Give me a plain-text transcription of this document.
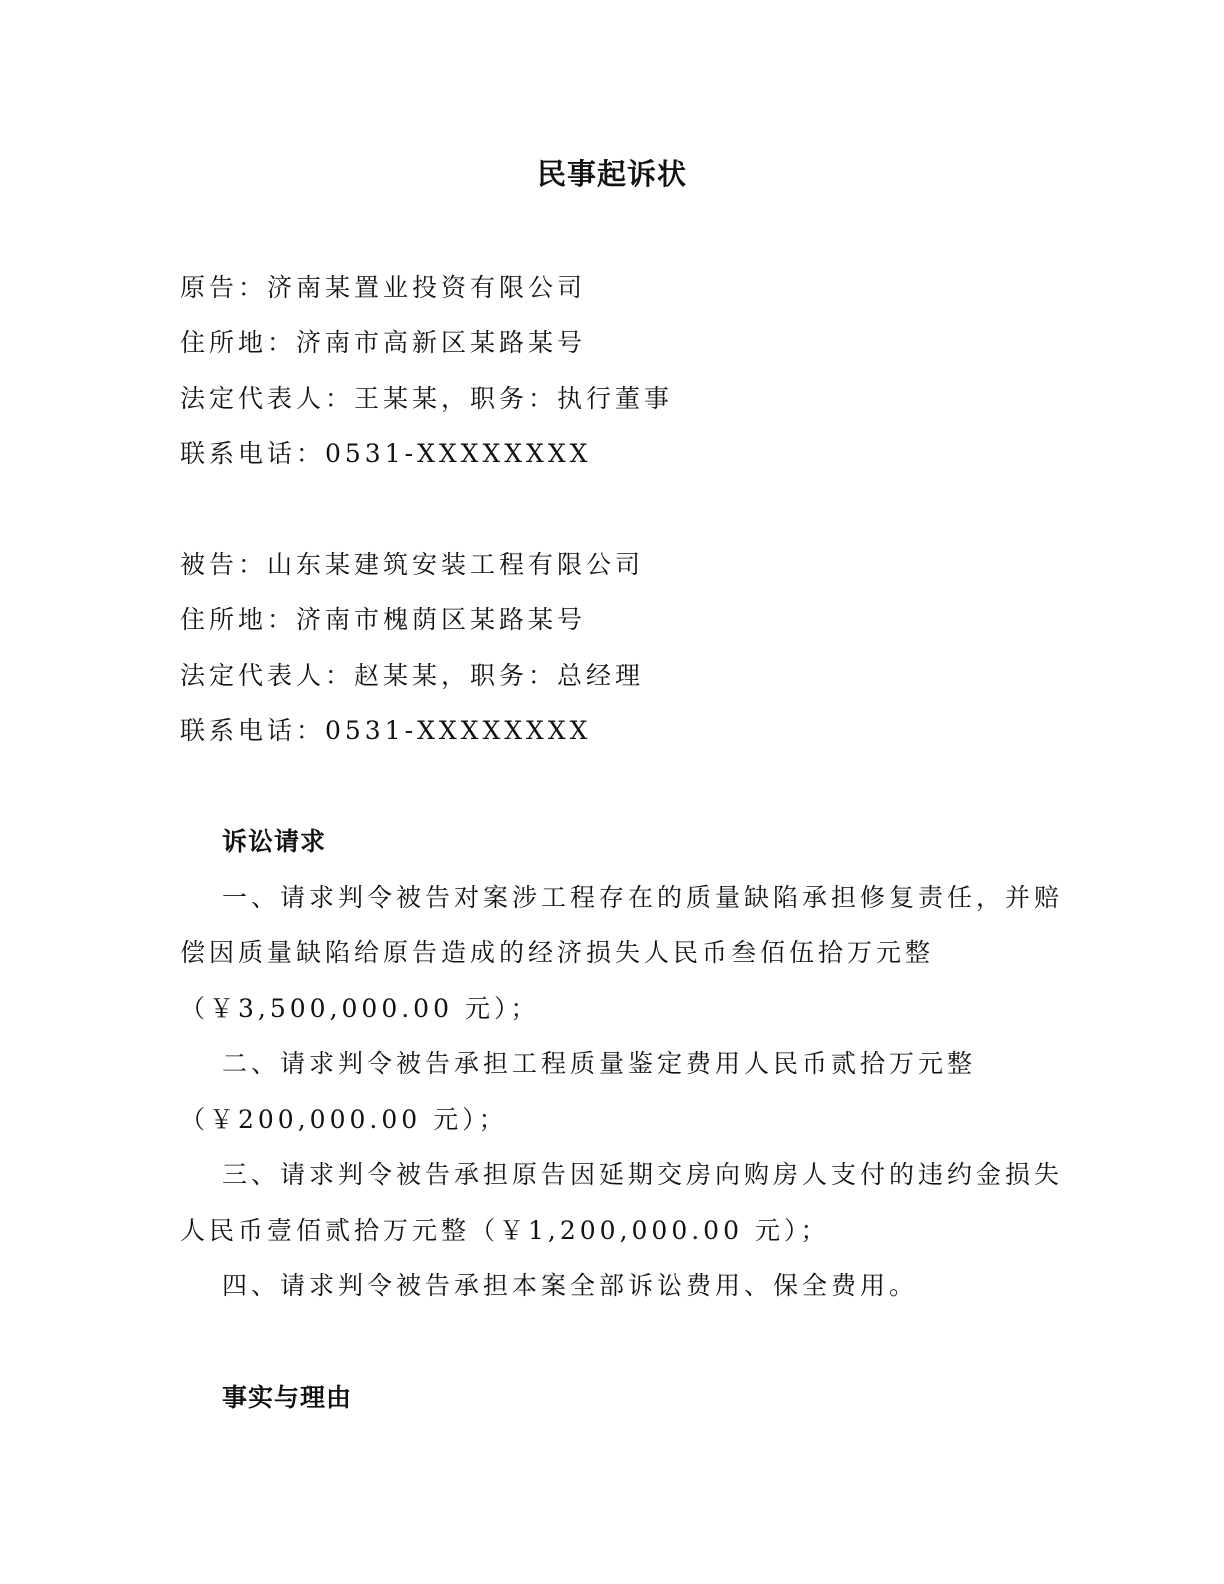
民事起诉状
原告：济南某置业投资有限公司
住所地：济南市高新区某路某号
法定代表人：王某某，职务：执行董事
联系电话：0531-XXXXXXXX
被告：山东某建筑安装工程有限公司
住所地：济南市槐荫区某路某号
法定代表人：赵某某，职务：总经理
联系电话：0531-XXXXXXXX
诉讼请求
一、请求判令被告对案涉工程存在的质量缺陷承担修复责任，并赔
偿因质量缺陷给原告造成的经济损失人民币叁佰伍拾万元整
（￥3,500,000.00 元）；
二、请求判令被告承担工程质量鉴定费用人民币贰拾万元整
（￥200,000.00 元）；
三、请求判令被告承担原告因延期交房向购房人支付的违约金损失
人民币壹佰贰拾万元整（￥1,200,000.00 元）；
四、请求判令被告承担本案全部诉讼费用、保全费用。
事实与理由
